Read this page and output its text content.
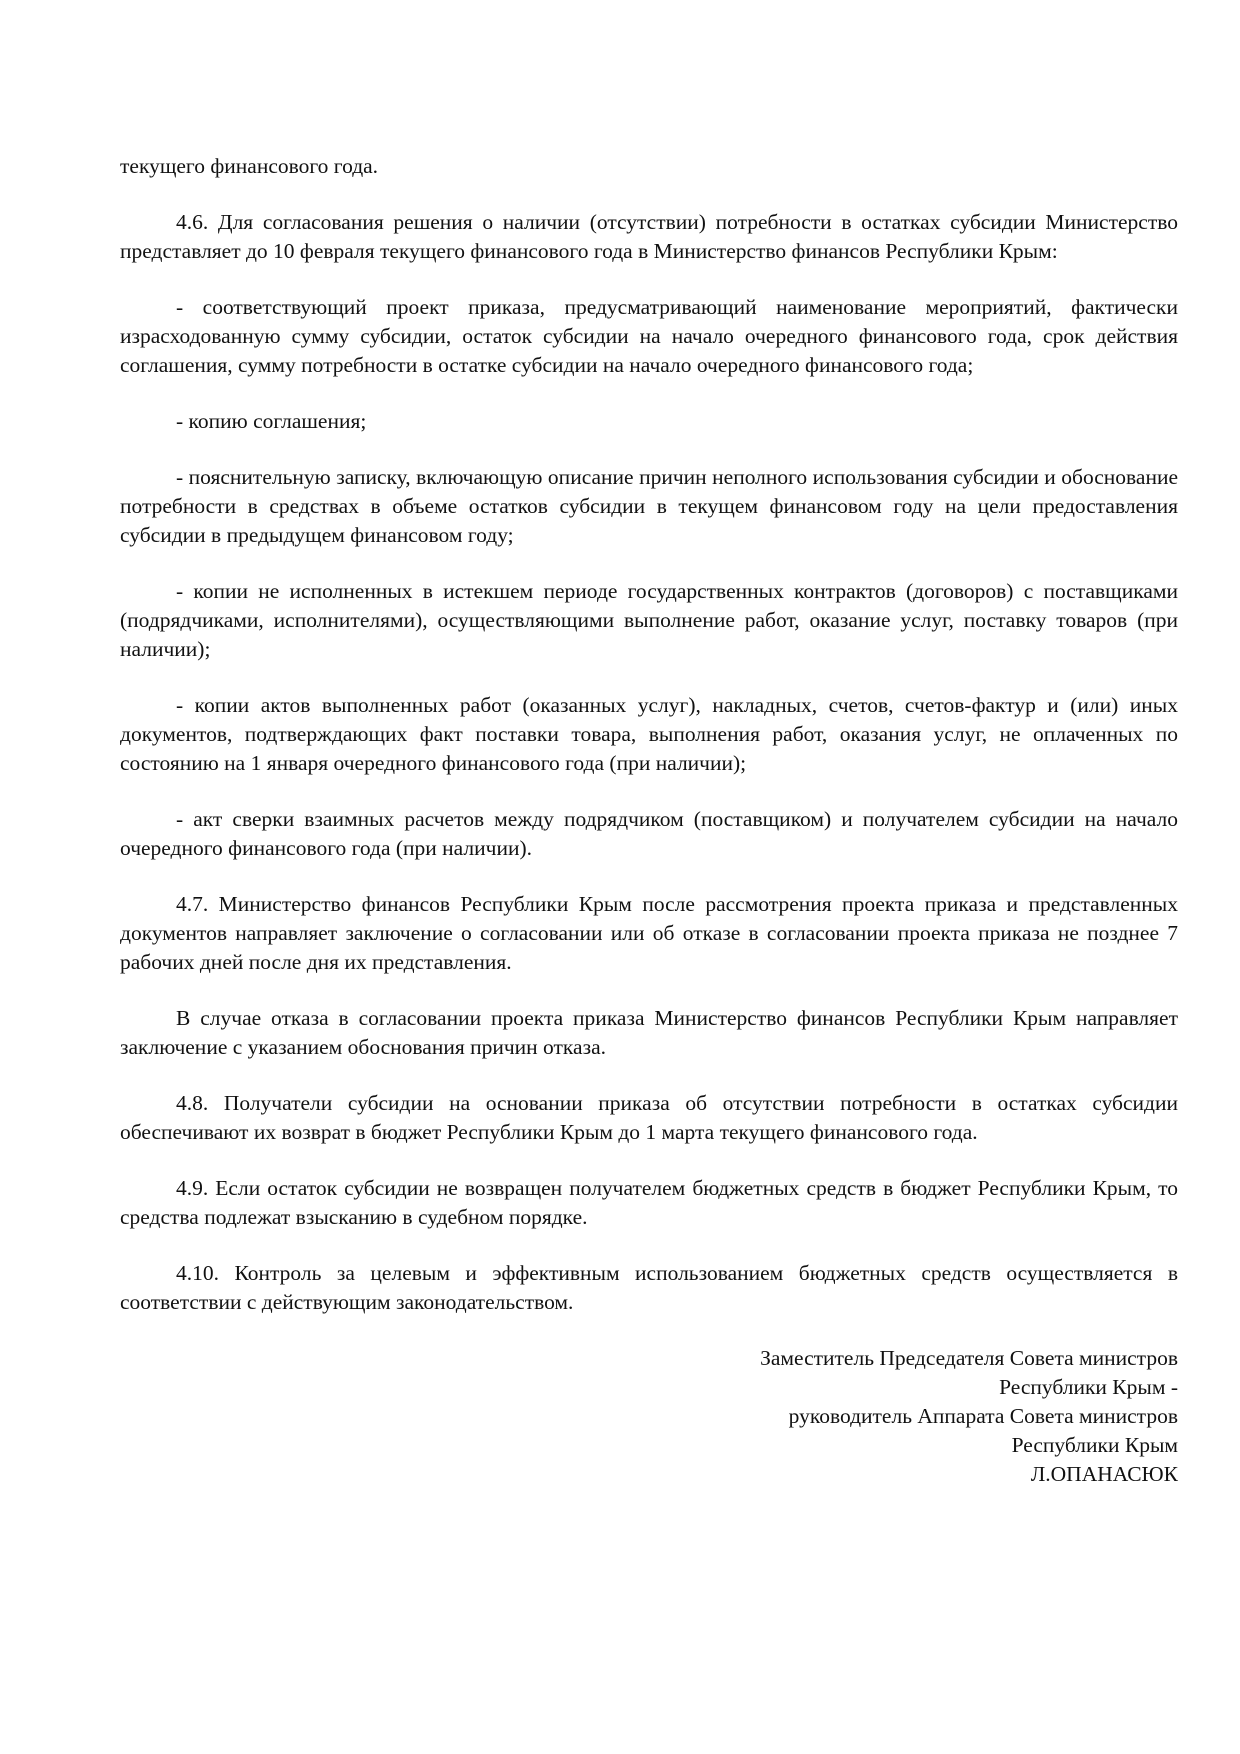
текущего финансового года.

4.6. Для согласования решения о наличии (отсутствии) потребности в остатках субсидии Министерство представляет до 10 февраля текущего финансового года в Министерство финансов Республики Крым:

- соответствующий проект приказа, предусматривающий наименование мероприятий, фактически израсходованную сумму субсидии, остаток субсидии на начало очередного финансового года, срок действия соглашения, сумму потребности в остатке субсидии на начало очередного финансового года;

- копию соглашения;

- пояснительную записку, включающую описание причин неполного использования субсидии и обоснование потребности в средствах в объеме остатков субсидии в текущем финансовом году на цели предоставления субсидии в предыдущем финансовом году;

- копии не исполненных в истекшем периоде государственных контрактов (договоров) с поставщиками (подрядчиками, исполнителями), осуществляющими выполнение работ, оказание услуг, поставку товаров (при наличии);

- копии актов выполненных работ (оказанных услуг), накладных, счетов, счетов-фактур и (или) иных документов, подтверждающих факт поставки товара, выполнения работ, оказания услуг, не оплаченных по состоянию на 1 января очередного финансового года (при наличии);

- акт сверки взаимных расчетов между подрядчиком (поставщиком) и получателем субсидии на начало очередного финансового года (при наличии).

4.7. Министерство финансов Республики Крым после рассмотрения проекта приказа и представленных документов направляет заключение о согласовании или об отказе в согласовании проекта приказа не позднее 7 рабочих дней после дня их представления.

В случае отказа в согласовании проекта приказа Министерство финансов Республики Крым направляет заключение с указанием обоснования причин отказа.

4.8. Получатели субсидии на основании приказа об отсутствии потребности в остатках субсидии обеспечивают их возврат в бюджет Республики Крым до 1 марта текущего финансового года.

4.9. Если остаток субсидии не возвращен получателем бюджетных средств в бюджет Республики Крым, то средства подлежат взысканию в судебном порядке.

4.10. Контроль за целевым и эффективным использованием бюджетных средств осуществляется в соответствии с действующим законодательством.

Заместитель Председателя Совета министров
Республики Крым -
руководитель Аппарата Совета министров
Республики Крым
Л.ОПАНАСЮК
